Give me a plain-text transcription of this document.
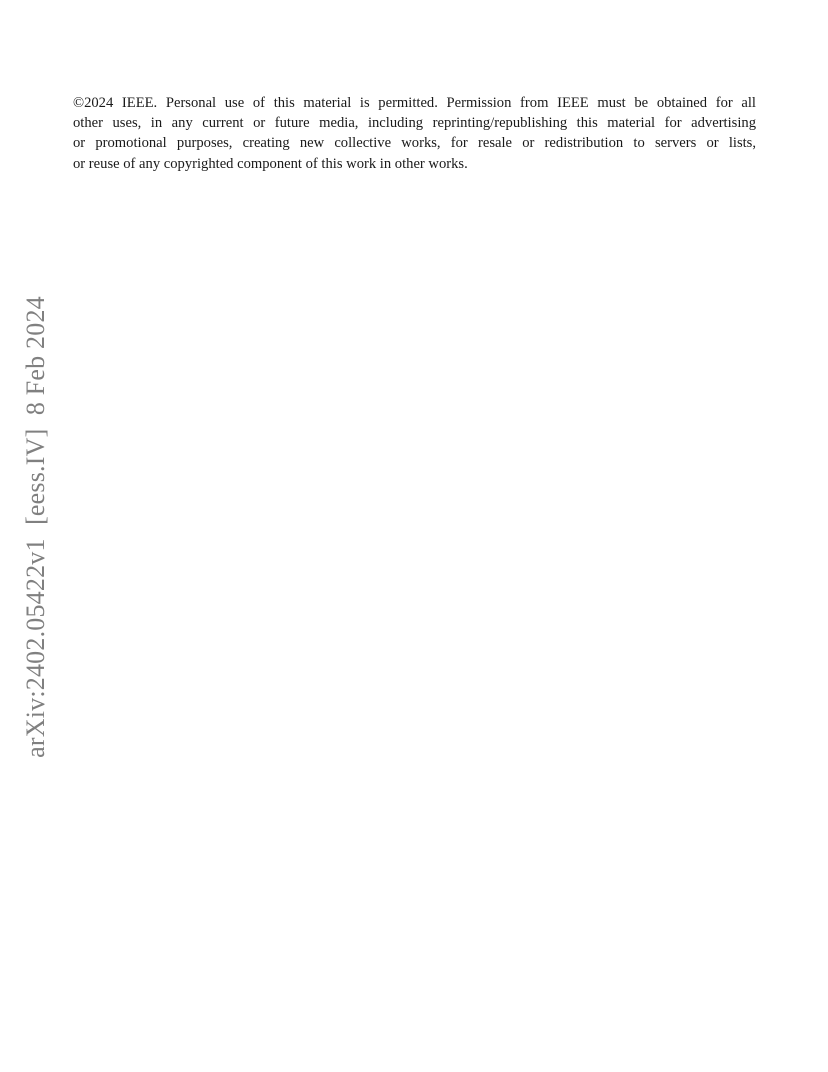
©2024 IEEE. Personal use of this material is permitted. Permission from IEEE must be obtained for all
other uses, in any current or future media, including reprinting/republishing this material for advertising
or promotional purposes, creating new collective works, for resale or redistribution to servers or lists,
or reuse of any copyrighted component of this work in other works.

arXiv:2402.05422v1  [eess.IV]  8 Feb 2024
